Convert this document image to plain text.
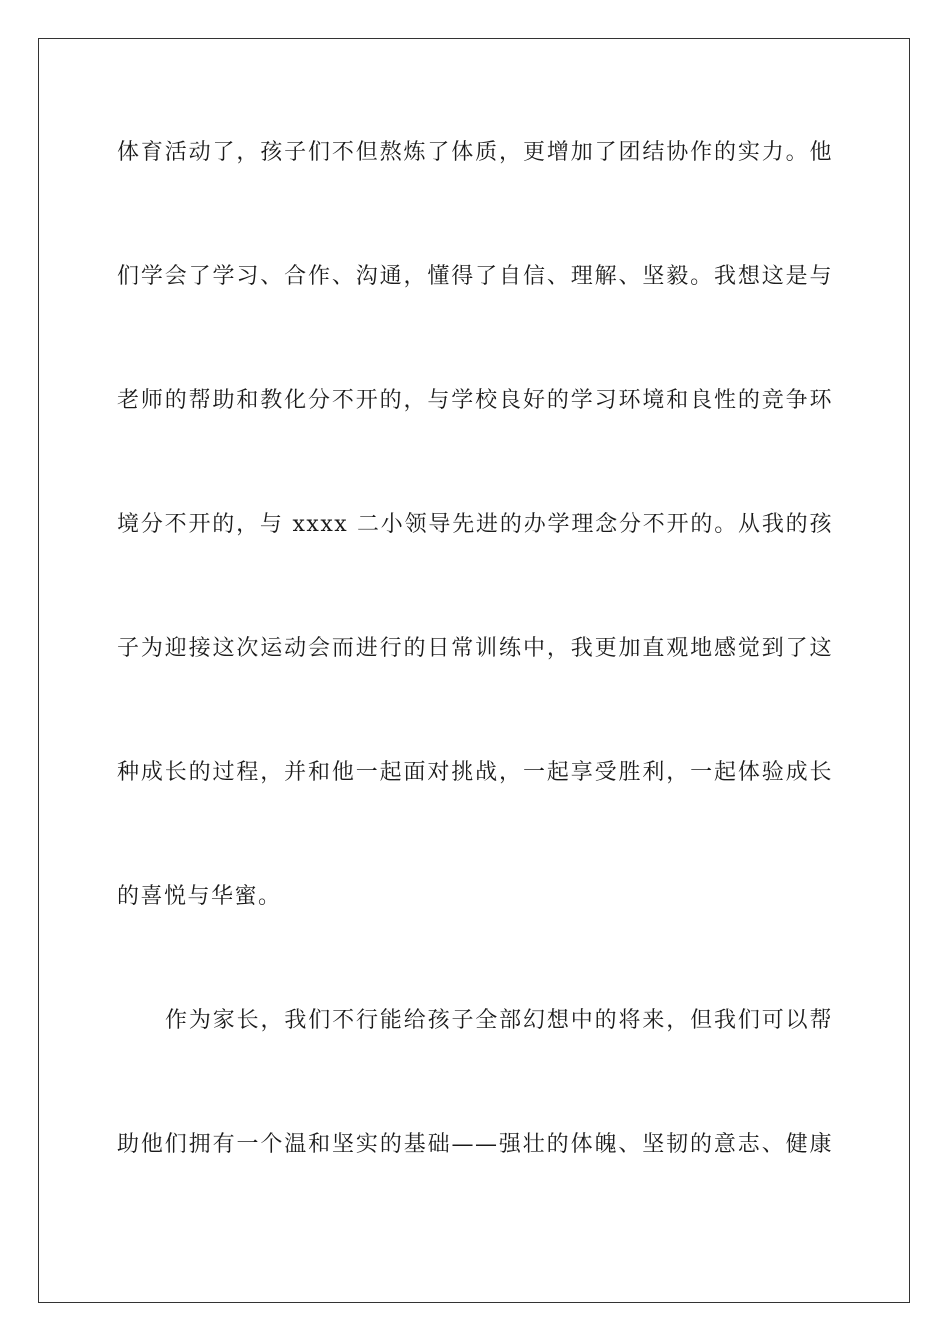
体育活动了，孩子们不但熬炼了体质，更增加了团结协作的实力。他
们学会了学习、合作、沟通，懂得了自信、理解、坚毅。我想这是与
老师的帮助和教化分不开的，与学校良好的学习环境和良性的竞争环
境分不开的，与 xxxx 二小领导先进的办学理念分不开的。从我的孩
子为迎接这次运动会而进行的日常训练中，我更加直观地感觉到了这
种成长的过程，并和他一起面对挑战，一起享受胜利，一起体验成长
的喜悦与华蜜。
作为家长，我们不行能给孩子全部幻想中的将来，但我们可以帮
助他们拥有一个温和坚实的基础——强壮的体魄、坚韧的意志、健康
